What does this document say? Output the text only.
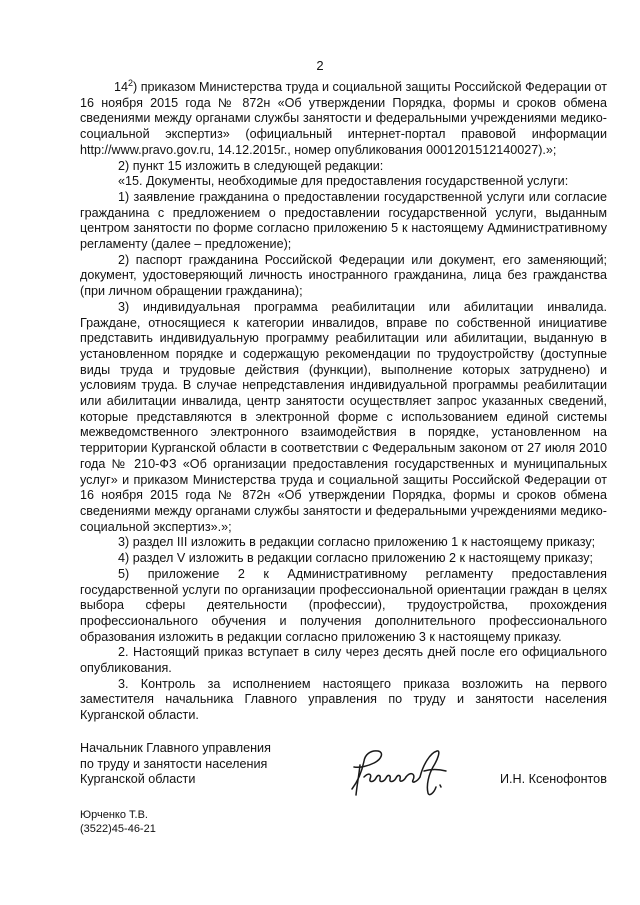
2

$14^2$) приказом Министерства труда и социальной защиты Российской Федерации от 16 ноября 2015 года № 872н «Об утверждении Порядка, формы и сроков обмена сведениями между органами службы занятости и федеральными учреждениями медико-социальной экспертиз» (официальный интернет-портал правовой информации http://www.pravo.gov.ru, 14.12.2015г., номер опубликования 0001201512140027).»;

2) пункт 15 изложить в следующей редакции:

«15. Документы, необходимые для предоставления государственной услуги:

1) заявление гражданина о предоставлении государственной услуги или согласие гражданина с предложением о предоставлении государственной услуги, выданным центром занятости по форме согласно приложению 5 к настоящему Административному регламенту (далее – предложение);

2) паспорт гражданина Российской Федерации или документ, его заменяющий; документ, удостоверяющий личность иностранного гражданина, лица без гражданства (при личном обращении гражданина);

3) индивидуальная программа реабилитации или абилитации инвалида. Граждане, относящиеся к категории инвалидов, вправе по собственной инициативе представить индивидуальную программу реабилитации или абилитации, выданную в установленном порядке и содержащую рекомендации по трудоустройству (доступные виды труда и трудовые действия (функции), выполнение которых затруднено) и условиям труда. В случае непредставления индивидуальной программы реабилитации или абилитации инвалида, центр занятости осуществляет запрос указанных сведений, которые представляются в электронной форме с использованием единой системы межведомственного электронного взаимодействия в порядке, установленном на территории Курганской области в соответствии с Федеральным законом от 27 июля 2010 года № 210-ФЗ «Об организации предоставления государственных и муниципальных услуг» и приказом Министерства труда и социальной защиты Российской Федерации от 16 ноября 2015 года № 872н «Об утверждении Порядка, формы и сроков обмена сведениями между органами службы занятости и федеральными учреждениями медико-социальной экспертиз».»;

3) раздел III изложить в редакции согласно приложению 1 к настоящему приказу;

4) раздел V изложить в редакции согласно приложению 2 к настоящему приказу;

5) приложение 2 к Административному регламенту предоставления государственной услуги по организации профессиональной ориентации граждан в целях выбора сферы деятельности (профессии), трудоустройства, прохождения профессионального обучения и получения дополнительного профессионального образования изложить в редакции согласно приложению 3 к настоящему приказу.

2. Настоящий приказ вступает в силу через десять дней после его официального опубликования.

3. Контроль за исполнением настоящего приказа возложить на первого заместителя начальника Главного управления по труду и занятости населения Курганской области.

Начальник Главного управления
по труду и занятости населения
Курганской области	И.Н. Ксенофонтов
Юрченко Т.В.
(3522)45-46-21
